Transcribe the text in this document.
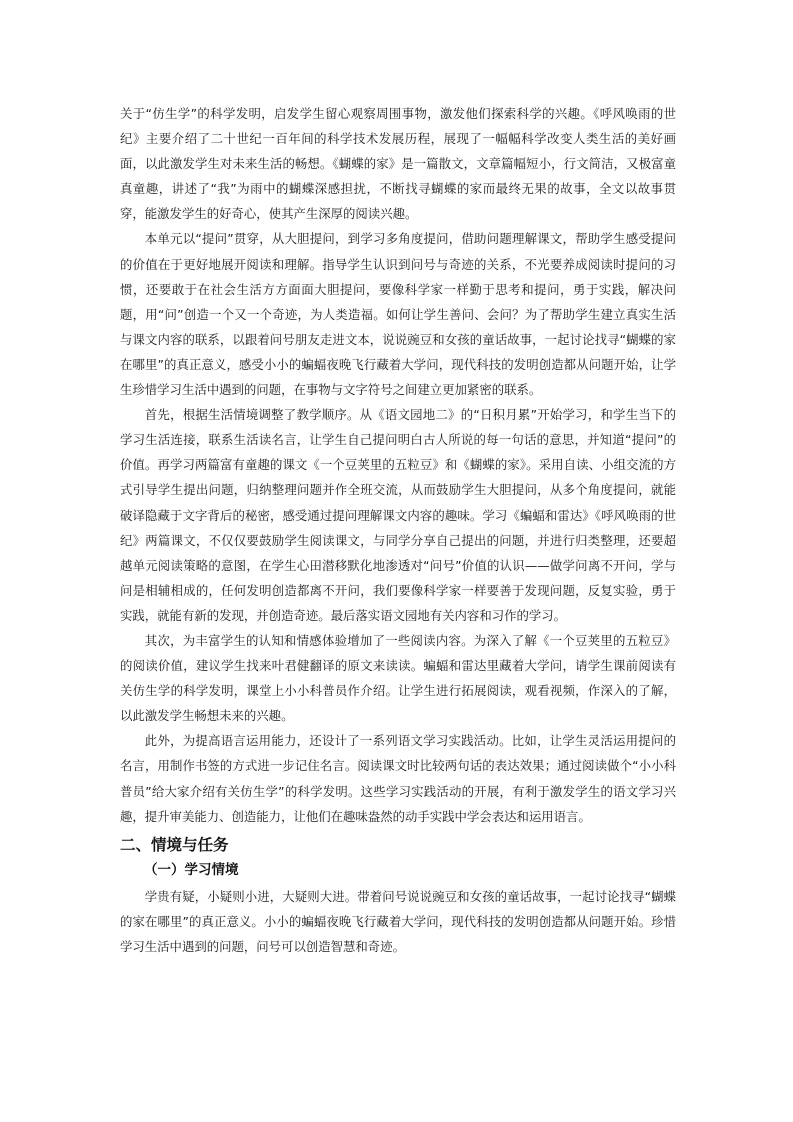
关于“仿生学”的科学发明，启发学生留心观察周围事物，激发他们探索科学的兴趣。《呼风唤雨的世纪》主要介绍了二十世纪一百年间的科学技术发展历程，展现了一幅幅科学改变人类生活的美好画面，以此激发学生对未来生活的畅想。《蝴蝶的家》是一篇散文，文章篇幅短小，行文简洁，又极富童真童趣，讲述了“我”为雨中的蝴蝶深感担扰，不断找寻蝴蝶的家而最终无果的故事，全文以故事贯穿，能激发学生的好奇心，使其产生深厚的阅读兴趣。

本单元以“提问”贯穿，从大胆提问，到学习多角度提问，借助问题理解课文，帮助学生感受提问的价值在于更好地展开阅读和理解。指导学生认识到问号与奇迹的关系，不光要养成阅读时提问的习惯，还要敢于在社会生活方方面面大胆提问，要像科学家一样勤于思考和提问，勇于实践，解决问题，用“问”创造一个又一个奇迹，为人类造福。如何让学生善问、会问？为了帮助学生建立真实生活与课文内容的联系，以跟着问号朋友走进文本，说说豌豆和女孩的童话故事，一起讨论找寻“蝴蝶的家在哪里”的真正意义，感受小小的蝙蝠夜晚飞行藏着大学问，现代科技的发明创造都从问题开始，让学生珍惜学习生活中遇到的问题，在事物与文字符号之间建立更加紧密的联系。

首先，根据生活情境调整了教学顺序。从《语文园地二》的“日积月累”开始学习，和学生当下的学习生活连接，联系生活读名言，让学生自己提问明白古人所说的每一句话的意思，并知道“提问”的价值。再学习两篇富有童趣的课文《一个豆荚里的五粒豆》和《蝴蝶的家》。采用自读、小组交流的方式引导学生提出问题，归纳整理问题并作全班交流，从而鼓励学生大胆提问，从多个角度提问，就能破译隐藏于文字背后的秘密，感受通过提问理解课文内容的趣味。学习《蝙蝠和雷达》《呼风唤雨的世纪》两篇课文，不仅仅要鼓励学生阅读课文，与同学分享自己提出的问题，并进行归类整理，还要超越单元阅读策略的意图，在学生心田潜移默化地渗透对“问号”价值的认识——做学问离不开问，学与问是相辅相成的，任何发明创造都离不开问，我们要像科学家一样要善于发现问题，反复实验，勇于实践，就能有新的发现，并创造奇迹。最后落实语文园地有关内容和习作的学习。

其次，为丰富学生的认知和情感体验增加了一些阅读内容。为深入了解《一个豆荚里的五粒豆》的阅读价值，建议学生找来叶君健翻译的原文来读读。蝙蝠和雷达里藏着大学问，请学生课前阅读有关仿生学的科学发明，课堂上小小科普员作介绍。让学生进行拓展阅读，观看视频，作深入的了解，以此激发学生畅想未来的兴趣。

此外，为提高语言运用能力，还设计了一系列语文学习实践活动。比如，让学生灵活运用提问的名言，用制作书签的方式进一步记住名言。阅读课文时比较两句话的表达效果；通过阅读做个“小小科普员”给大家介绍有关仿生学”的科学发明。这些学习实践活动的开展，有利于激发学生的语文学习兴趣，提升审美能力、创造能力，让他们在趣味盎然的动手实践中学会表达和运用语言。

二、情境与任务
（一）学习情境

学贵有疑，小疑则小进，大疑则大进。带着问号说说豌豆和女孩的童话故事，一起讨论找寻“蝴蝶的家在哪里”的真正意义。小小的蝙蝠夜晚飞行藏着大学问，现代科技的发明创造都从问题开始。珍惜学习生活中遇到的问题，问号可以创造智慧和奇迹。
